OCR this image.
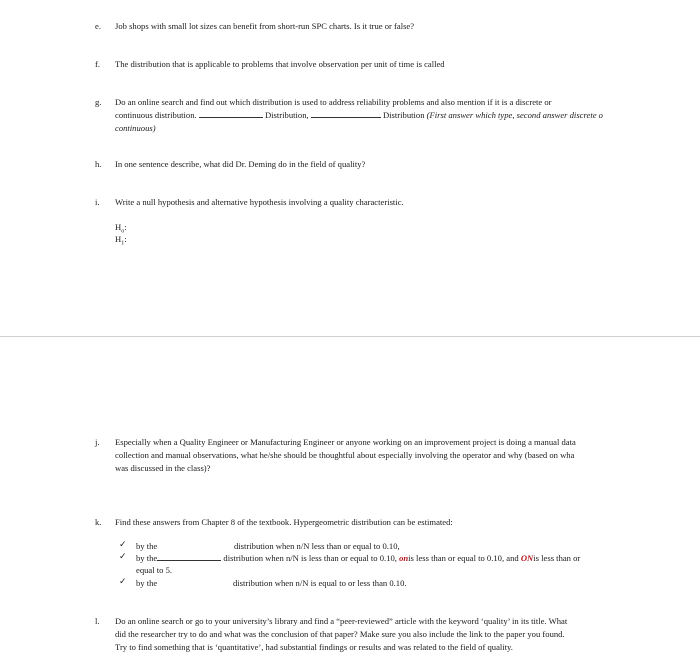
e. Job shops with small lot sizes can benefit from short-run SPC charts. Is it true or false?
f. The distribution that is applicable to problems that involve observation per unit of time is called
g. Do an online search and find out which distribution is used to address reliability problems and also mention if it is a discrete or
continuous distribution.	Distribution,	Distribution (First answer which type, second answer discrete o
continuous)
h. In one sentence describe, what did Dr. Deming do in the field of quality?
i. Write a null hypothesis and alternative hypothesis involving a quality characteristic.
$H_o$:
$H_1$:
j. Especially when a Quality Engineer or Manufacturing Engineer or anyone working on an improvement project is doing a manual data
collection and manual observations, what he/she should be thoughtful about especially involving the operator and why (based on wha
was discussed in the class)?
k. Find these answers from Chapter 8 of the textbook. Hypergeometric distribution can be estimated:
✓ by the	distribution when n/N less than or equal to 0.10,
✓ by the	distribution when n/N is less than or equal to 0.10, onis less than or equal to 0.10, and ONis less than or
equal to 5.
✓ by the	distribution when n/N is equal to or less than 0.10.
l. Do an online search or go to your university’s library and find a “peer-reviewed” article with the keyword ‘quality’ in its title. What
did the researcher try to do and what was the conclusion of that paper? Make sure you also include the link to the paper you found.
Try to find something that is ‘quantitative’, had substantial findings or results and was related to the field of quality.
